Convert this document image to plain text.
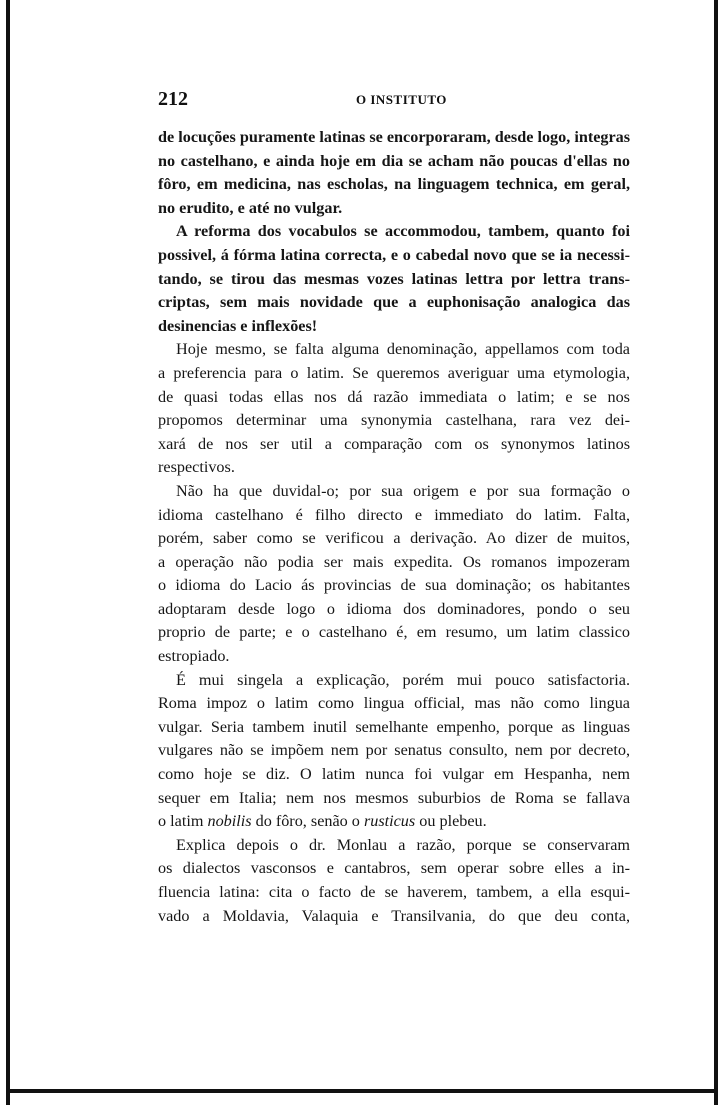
212	O INSTITUTO

de locuções puramente latinas se encorporaram, desde logo, integras
no castelhano, e ainda hoje em dia se acham não poucas d'ellas no
fôro, em medicina, nas escholas, na linguagem technica, em geral,
no erudito, e até no vulgar.

A reforma dos vocabulos se accommodou, tambem, quanto foi
possivel, á fórma latina correcta, e o cabedal novo que se ia necessi-
tando, se tirou das mesmas vozes latinas lettra por lettra trans-
criptas, sem mais novidade que a euphonisação analogica das
desinencias e inflexões!

Hoje mesmo, se falta alguma denominação, appellamos com toda
a preferencia para o latim. Se queremos averiguar uma etymologia,
de quasi todas ellas nos dá razão immediata o latim; e se nos
propomos determinar uma synonymia castelhana, rara vez dei-
xará de nos ser util a comparação com os synonymos latinos
respectivos.

Não ha que duvidal-o; por sua origem e por sua formação o
idioma castelhano é filho directo e immediato do latim. Falta,
porém, saber como se verificou a derivação. Ao dizer de muitos,
a operação não podia ser mais expedita. Os romanos impozeram
o idioma do Lacio ás provincias de sua dominação; os habitantes
adoptaram desde logo o idioma dos dominadores, pondo o seu
proprio de parte; e o castelhano é, em resumo, um latim classico
estropiado.

É mui singela a explicação, porém mui pouco satisfactoria.
Roma impoz o latim como lingua official, mas não como lingua
vulgar. Seria tambem inutil semelhante empenho, porque as linguas
vulgares não se impõem nem por senatus consulto, nem por decreto,
como hoje se diz. O latim nunca foi vulgar em Hespanha, nem
sequer em Italia; nem nos mesmos suburbios de Roma se fallava
o latim nobilis do fôro, senão o rusticus ou plebeu.

Explica depois o dr. Monlau a razão, porque se conservaram
os dialectos vasconsos e cantabros, sem operar sobre elles a in-
fluencia latina: cita o facto de se haverem, tambem, a ella esqui-
vado a Moldavia, Valaquia e Transilvania, do que deu conta,
